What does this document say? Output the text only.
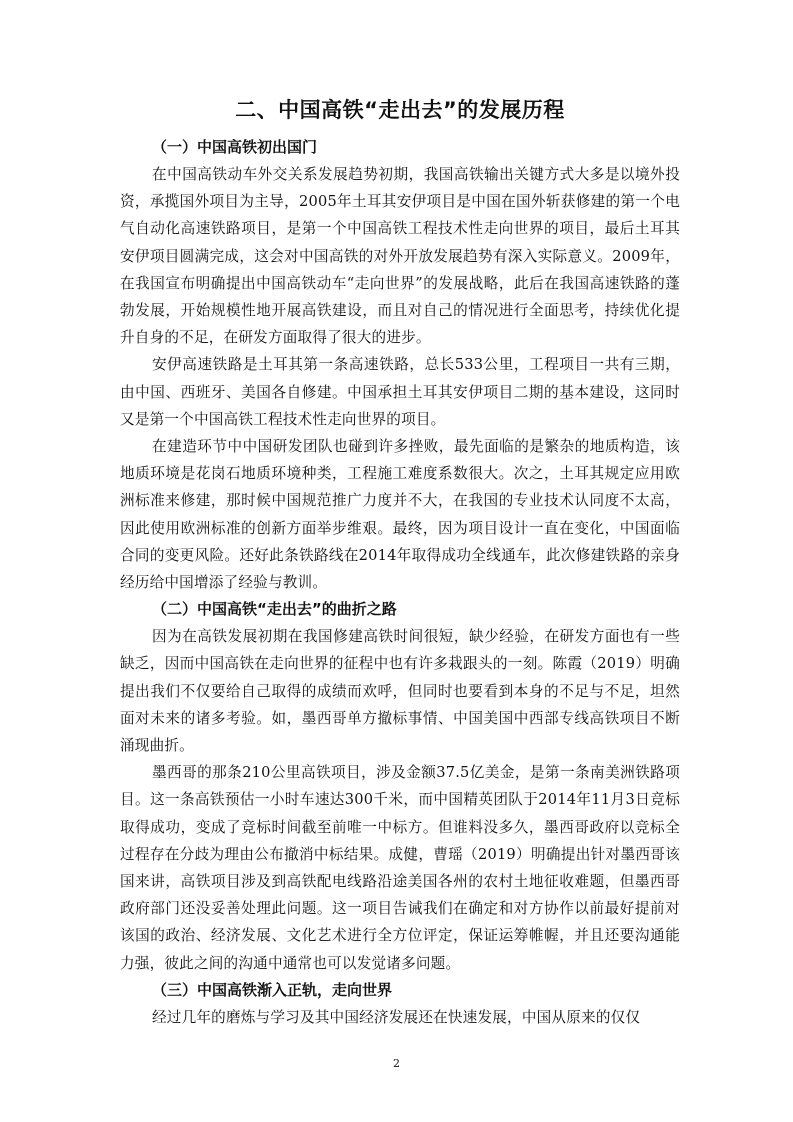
二、中国高铁“走出去”的发展历程
（一）中国高铁初出国门

在中国高铁动车外交关系发展趋势初期，我国高铁输出关键方式大多是以境外投资，承揽国外项目为主导，2005年土耳其安伊项目是中国在国外斩获修建的第一个电气自动化高速铁路项目，是第一个中国高铁工程技术性走向世界的项目，最后土耳其安伊项目圆满完成，这会对中国高铁的对外开放发展趋势有深入实际意义。2009年，在我国宣布明确提出中国高铁动车“走向世界”的发展战略，此后在我国高速铁路的蓬勃发展，开始规模性地开展高铁建设，而且对自己的情况进行全面思考，持续优化提升自身的不足，在研发方面取得了很大的进步。

安伊高速铁路是土耳其第一条高速铁路，总长533公里，工程项目一共有三期，由中国、西班牙、美国各自修建。中国承担土耳其安伊项目二期的基本建设，这同时又是第一个中国高铁工程技术性走向世界的项目。

在建造环节中中国研发团队也碰到许多挫败，最先面临的是繁杂的地质构造，该地质环境是花岗石地质环境种类，工程施工难度系数很大。次之，土耳其规定应用欧洲标准来修建，那时候中国规范推广力度并不大，在我国的专业技术认同度不太高，因此使用欧洲标准的创新方面举步维艰。最终，因为项目设计一直在变化，中国面临合同的变更风险。还好此条铁路线在2014年取得成功全线通车，此次修建铁路的亲身经历给中国增添了经验与教训。

（二）中国高铁“走出去”的曲折之路

因为在高铁发展初期在我国修建高铁时间很短，缺少经验，在研发方面也有一些缺乏，因而中国高铁在走向世界的征程中也有许多栽跟头的一刻。陈霞（2019）明确提出我们不仅要给自己取得的成绩而欢呼，但同时也要看到本身的不足与不足，坦然面对未来的诸多考验。如，墨西哥单方撤标事情、中国美国中西部专线高铁项目不断涌现曲折。

墨西哥的那条210公里高铁项目，涉及金额37.5亿美金，是第一条南美洲铁路项目。这一条高铁预估一小时车速达300千米，而中国精英团队于2014年11月3日竞标取得成功，变成了竞标时间截至前唯一中标方。但谁料没多久，墨西哥政府以竞标全过程存在分歧为理由公布撤消中标结果。成健，曹瑶（2019）明确提出针对墨西哥该国来讲，高铁项目涉及到高铁配电线路沿途美国各州的农村土地征收难题，但墨西哥政府部门还没妥善处理此问题。这一项目告诫我们在确定和对方协作以前最好提前对该国的政治、经济发展、文化艺术进行全方位评定，保证运筹帷幄，并且还要沟通能力强，彼此之间的沟通中通常也可以发觉诸多问题。

（三）中国高铁渐入正轨，走向世界

经过几年的磨炼与学习及其中国经济发展还在快速发展，中国从原来的仅仅

2
